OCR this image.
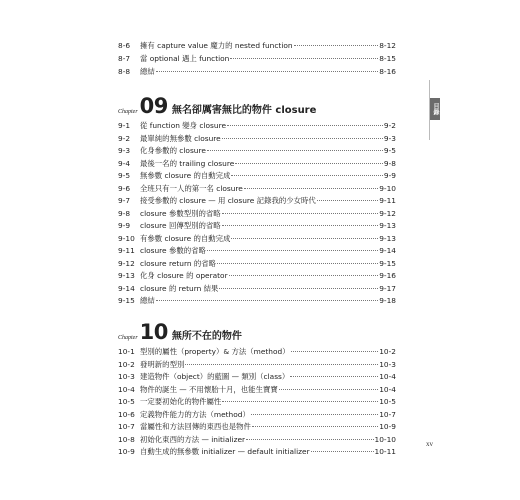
8-6	擁有 capture value 魔力的 nested function	8-12
8-7	當 optional 遇上 function	8-15
8-8	總結	8-16
Chapter 09 無名卻厲害無比的物件 closure
9-1	從 function 變身 closure	9-2
9-2	最單純的無參數 closure	9-3
9-3	化身參數的 closure	9-5
9-4	最後一名的 trailing closure	9-8
9-5	無參數 closure 的自動完成	9-9
9-6	全班只有一人的第一名 closure	9-10
9-7	接受參數的 closure — 用 closure 記錄我的少女時代	9-11
9-8	closure 參數型別的省略	9-12
9-9	closure 回傳型別的省略	9-13
9-10 有參數 closure 的自動完成	9-13
9-11 closure 參數的省略	9-14
9-12 closure return 的省略	9-15
9-13 化身 closure 的 operator	9-16
9-14 closure 的 return 結果	9-17
9-15 總結	9-18
Chapter 10 無所不在的物件
10-1 型別的屬性（property）& 方法（method）	10-2
10-2 發明新的型別	10-3
10-3 建造物件（object）的藍圖 — 類別（class）	10-4
10-4 物件的誕生 — 不用懷胎十月，也能生寶寶	10-4
10-5 一定要初始化的物件屬性	10-5
10-6 定義物件能力的方法（method）	10-7
10-7 當屬性和方法回傳的東西也是物件	10-9
10-8 初始化東西的方法 — initializer	10-10
10-9 自動生成的無參數 initializer — default initializer	10-11
目錄
xv
